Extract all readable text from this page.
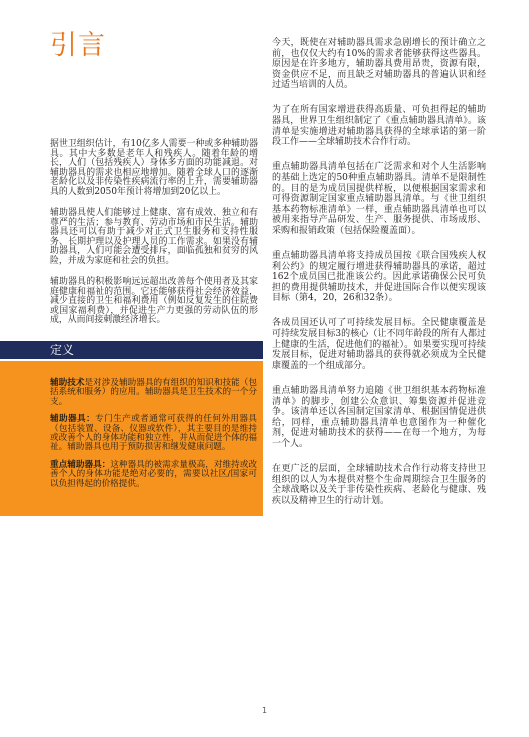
引言

据世卫组织估计，有10亿多人需要一种或多种辅助器具。其中大多数是老年人和残疾人。随着年龄的增长，人们（包括残疾人）身体多方面的功能减退。对辅助器具的需求也相应地增加。随着全球人口的逐渐老龄化以及非传染性疾病流行率的上升，需要辅助器具的人数到2050年预计将增加到20亿以上。

辅助器具使人们能够过上健康、富有成效、独立和有尊严的生活；参与教育、劳动市场和市民生活。辅助器具还可以有助于减少对正式卫生服务和支持性服务、长期护理以及护理人员的工作需求。如果没有辅助器具，人们可能会遭受排斥，面临孤独和贫穷的风险，并成为家庭和社会的负担。

辅助器具的积极影响远远超出改善每个使用者及其家庭健康和福祉的范围。它还能够获得社会经济效益，减少直接的卫生和福利费用（例如反复发生的住院费或国家福利费），并促进生产力更强的劳动队伍的形成，从而间接刺激经济增长。

定义

辅助技术是对涉及辅助器具的有组织的知识和技能（包括系统和服务）的应用。辅助器具是卫生技术的一个分支。

辅助器具：专门生产或者通常可获得的任何外用器具（包括装置、设备、仪器或软件），其主要目的是维持或改善个人的身体功能和独立性，并从而促进个体的福祉。辅助器具也用于预防损害和继发健康问题。

重点辅助器具：这种器具的被需求量极高，对维持或改善个人的身体功能是绝对必要的，需要以社区/国家可以负担得起的价格提供。

今天，既使在对辅助器具需求急剧增长的预计确立之前，也仅仅大约有10%的需求者能够获得这些器具。原因是在许多地方，辅助器具费用昂贵，资源有限，资金供应不足，而且缺乏对辅助器具的普遍认识和经过适当培训的人员。

为了在所有国家增进获得高质量、可负担得起的辅助器具，世界卫生组织制定了《重点辅助器具清单》。该清单是实施增进对辅助器具获得的全球承诺的第一阶段工作——全球辅助技术合作行动。

重点辅助器具清单包括在广泛需求和对个人生活影响的基础上选定的50种重点辅助器具。清单不是限制性的。目的是为成员国提供样板，以便根据国家需求和可得资源制定国家重点辅助器具清单。与《世卫组织基本药物标准清单》一样，重点辅助器具清单也可以被用来指导产品研发、生产、服务提供、市场成形、采购和报销政策（包括保险覆盖面）。

重点辅助器具清单将支持成员国按《联合国残疾人权利公约》的规定履行增进获得辅助器具的承诺，超过162个成员国已批准该公约。因此承诺确保公民可负担的费用提供辅助技术，并促进国际合作以便实现该目标（第4，20，26和32条）。

各成员国还认可了可持续发展目标。全民健康覆盖是可持续发展目标3的核心（让不同年龄段的所有人都过上健康的生活，促进他们的福祉）。如果要实现可持续发展目标，促进对辅助器具的获得就必须成为全民健康覆盖的一个组成部分。

重点辅助器具清单努力追随《世卫组织基本药物标准清单》的脚步，创建公众意识、筹集资源并促进竞争。该清单还以各国制定国家清单、根据国情促进供给，同样，重点辅助器具清单也意图作为一种催化剂，促进对辅助技术的获得——在每一个地方，为每一个人。

在更广泛的层面，全球辅助技术合作行动将支持世卫组织的以人为本提供对整个生命周期综合卫生服务的全球战略以及关于非传染性疾病、老龄化与健康、残疾以及精神卫生的行动计划。

1
